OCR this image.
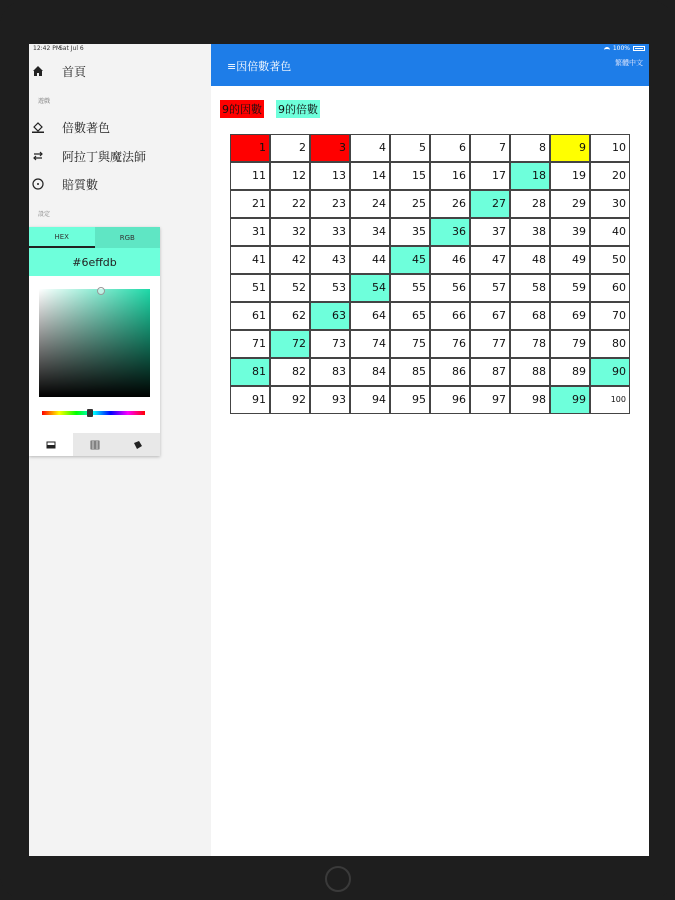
12:42 PM
Sat Jul 6	100%
首頁
遊戲
倍數著色
阿拉丁與魔法師
賠質數
設定
HEX	RGB
#6effdb
≡因倍數著色	繁體中文
9的因數 9的倍數
1	2	3	4	5	6	7	8	9	10
11	12	13	14	15	16	17	18	19	20
21	22	23	24	25	26	27	28	29	30
31	32	33	34	35	36	37	38	39	40
41	42	43	44	45	46	47	48	49	50
51	52	53	54	55	56	57	58	59	60
61	62	63	64	65	66	67	68	69	70
71	72	73	74	75	76	77	78	79	80
81	82	83	84	85	86	87	88	89	90
91	92	93	94	95	96	97	98	99	100
